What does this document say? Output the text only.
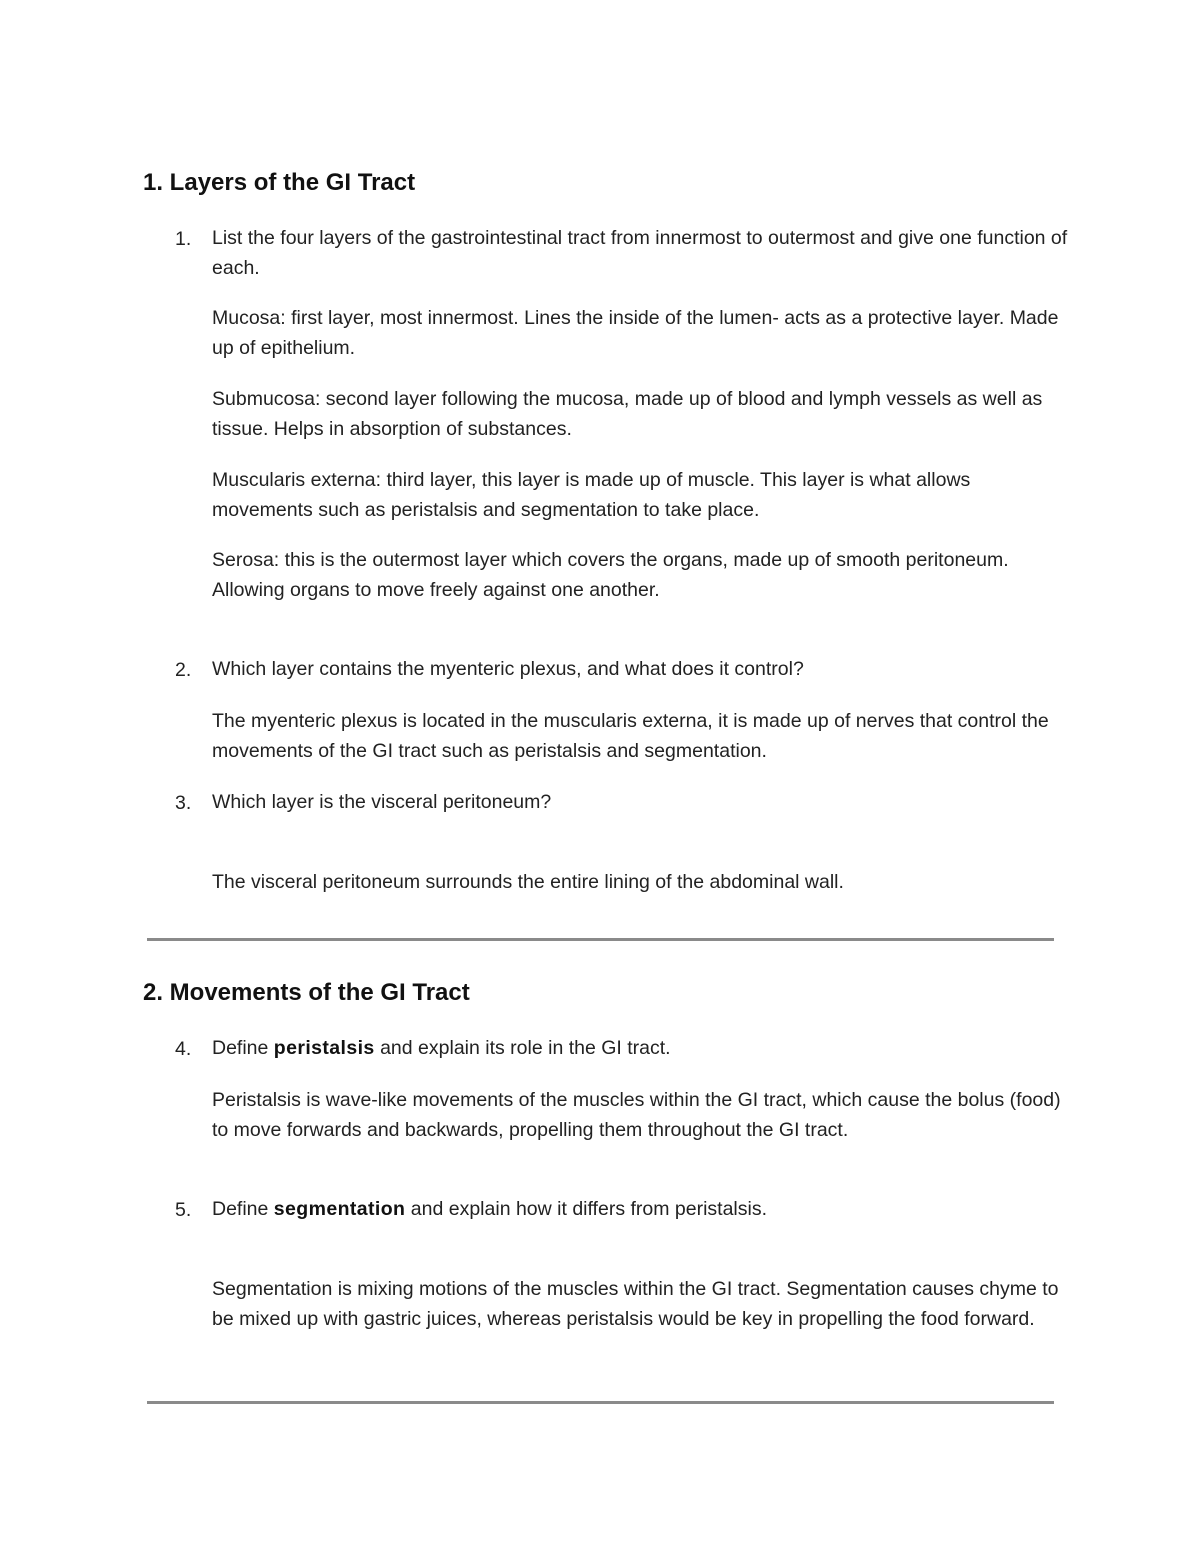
1. Layers of the GI Tract
1. List the four layers of the gastrointestinal tract from innermost to outermost and give one function of each.

Mucosa: first layer, most innermost. Lines the inside of the lumen- acts as a protective layer. Made up of epithelium.

Submucosa: second layer following the mucosa, made up of blood and lymph vessels as well as tissue. Helps in absorption of substances.

Muscularis externa: third layer, this layer is made up of muscle. This layer is what allows movements such as peristalsis and segmentation to take place.

Serosa: this is the outermost layer which covers the organs, made up of smooth peritoneum. Allowing organs to move freely against one another.

2. Which layer contains the myenteric plexus, and what does it control?

The myenteric plexus is located in the muscularis externa, it is made up of nerves that control the movements of the GI tract such as peristalsis and segmentation.

3. Which layer is the visceral peritoneum?

The visceral peritoneum surrounds the entire lining of the abdominal wall.

2. Movements of the GI Tract
4. Define peristalsis and explain its role in the GI tract.

Peristalsis is wave-like movements of the muscles within the GI tract, which cause the bolus (food) to move forwards and backwards, propelling them throughout the GI tract.

5. Define segmentation and explain how it differs from peristalsis.

Segmentation is mixing motions of the muscles within the GI tract. Segmentation causes chyme to be mixed up with gastric juices, whereas peristalsis would be key in propelling the food forward.
